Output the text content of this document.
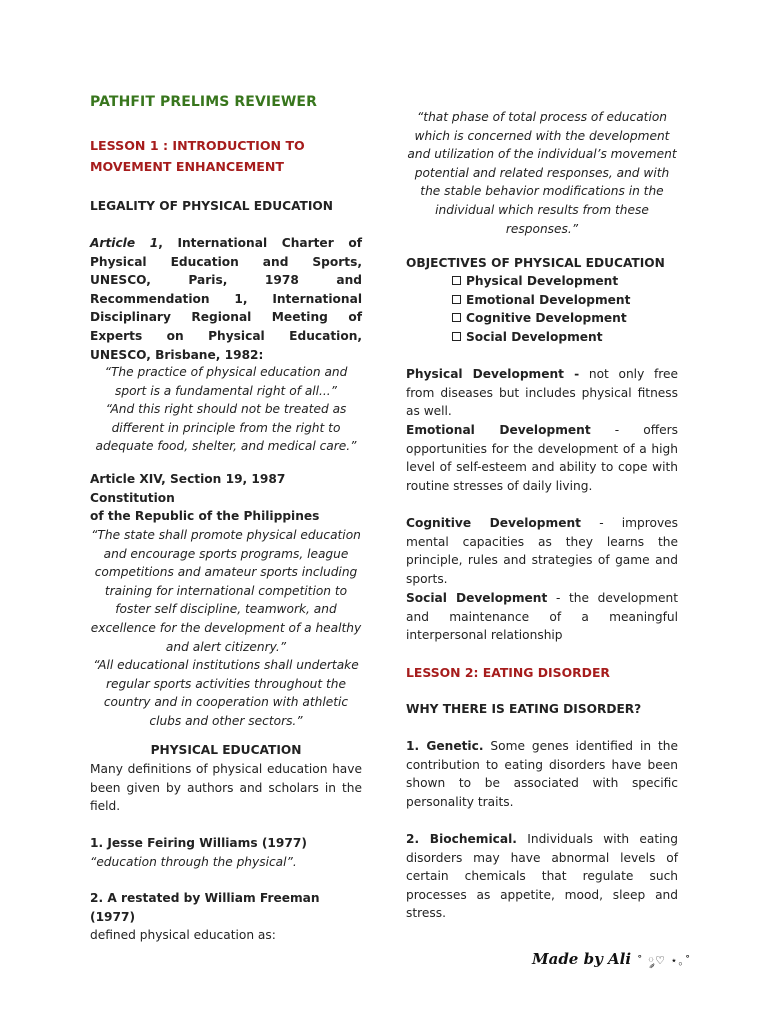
PATHFIT PRELIMS REVIEWER
LESSON 1 : INTRODUCTION TO
MOVEMENT ENHANCEMENT
LEGALITY OF PHYSICAL EDUCATION
Article 1, International Charter of Physical Education and Sports, UNESCO, Paris, 1978 and Recommendation 1, International Disciplinary Regional Meeting of Experts on Physical Education, UNESCO, Brisbane, 1982:
“The practice of physical education and sport is a fundamental right of all...”
“And this right should not be treated as different in principle from the right to adequate food, shelter, and medical care.”
Article XIV, Section 19, 1987 Constitution
of the Republic of the Philippines
“The state shall promote physical education and encourage sports programs, league competitions and amateur sports including training for international competition to foster self discipline, teamwork, and excellence for the development of a healthy and alert citizenry.”
“All educational institutions shall undertake regular sports activities throughout the country and in cooperation with athletic clubs and other sectors.”
PHYSICAL EDUCATION
Many definitions of physical education have been given by authors and scholars in the field.
1. Jesse Feiring Williams (1977) “education through the physical”.
2. A restated by William Freeman (1977)
defined physical education as:
“that phase of total process of education which is concerned with the development and utilization of the individual’s movement potential and related responses, and with the stable behavior modifications in the individual which results from these responses.”
OBJECTIVES OF PHYSICAL EDUCATION
Physical Development
Emotional Development
Cognitive Development
Social Development
Physical Development - not only free from diseases but includes physical fitness as well.
Emotional Development - offers opportunities for the development of a high level of self-esteem and ability to cope with routine stresses of daily living.
Cognitive Development - improves mental capacities as they learns the principle, rules and strategies of game and sports.
Social Development - the development and maintenance of a meaningful interpersonal relationship
LESSON 2: EATING DISORDER
WHY THERE IS EATING DISORDER?
1. Genetic. Some genes identified in the contribution to eating disorders have been shown to be associated with specific personality traits.
2. Biochemical. Individuals with eating disorders may have abnormal levels of certain chemicals that regulate such processes as appetite, mood, sleep and stress.
Made by Ali ˚ ༘♡ ⋆｡˚
